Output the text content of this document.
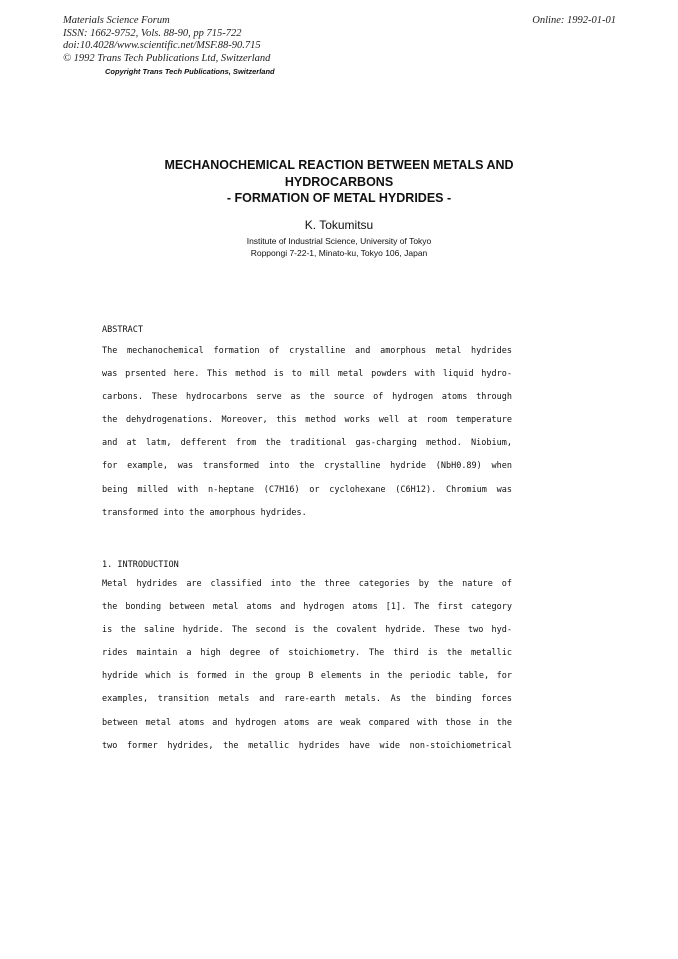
Materials Science Forum
ISSN: 1662-9752, Vols. 88-90, pp 715-722
doi:10.4028/www.scientific.net/MSF.88-90.715
© 1992 Trans Tech Publications Ltd, Switzerland
Online: 1992-01-01
Copyright Trans Tech Publications, Switzerland
MECHANOCHEMICAL REACTION BETWEEN METALS AND
HYDROCARBONS
- FORMATION OF METAL HYDRIDES -
K. Tokumitsu
Institute of Industrial Science, University of Tokyo
Roppongi 7-22-1, Minato-ku, Tokyo 106, Japan
ABSTRACT
The mechanochemical formation of crystalline and amorphous metal hydrides
was prsented here. This method is to mill metal powders with liquid hydro-
carbons. These hydrocarbons serve as the source of hydrogen atoms through
the dehydrogenations. Moreover, this method works well at room temperature
and at latm, defferent from the traditional gas-charging method. Niobium,
for example, was transformed into the crystalline hydride (NbH0.89) when
being milled with n-heptane (C7H16) or cyclohexane (C6H12). Chromium was
transformed into the amorphous hydrides.
1. INTRODUCTION
Metal hydrides are classified into the three categories by the nature of
the bonding between metal atoms and hydrogen atoms [1]. The first category
is the saline hydride. The second is the covalent hydride. These two hyd-
rides maintain a high degree of stoichiometry. The third is the metallic
hydride which is formed in the group B elements in the periodic table, for
examples, transition metals and rare-earth metals. As the binding forces
between metal atoms and hydrogen atoms are weak compared with those in the
two former hydrides, the metallic hydrides have wide non-stoichiometrical
